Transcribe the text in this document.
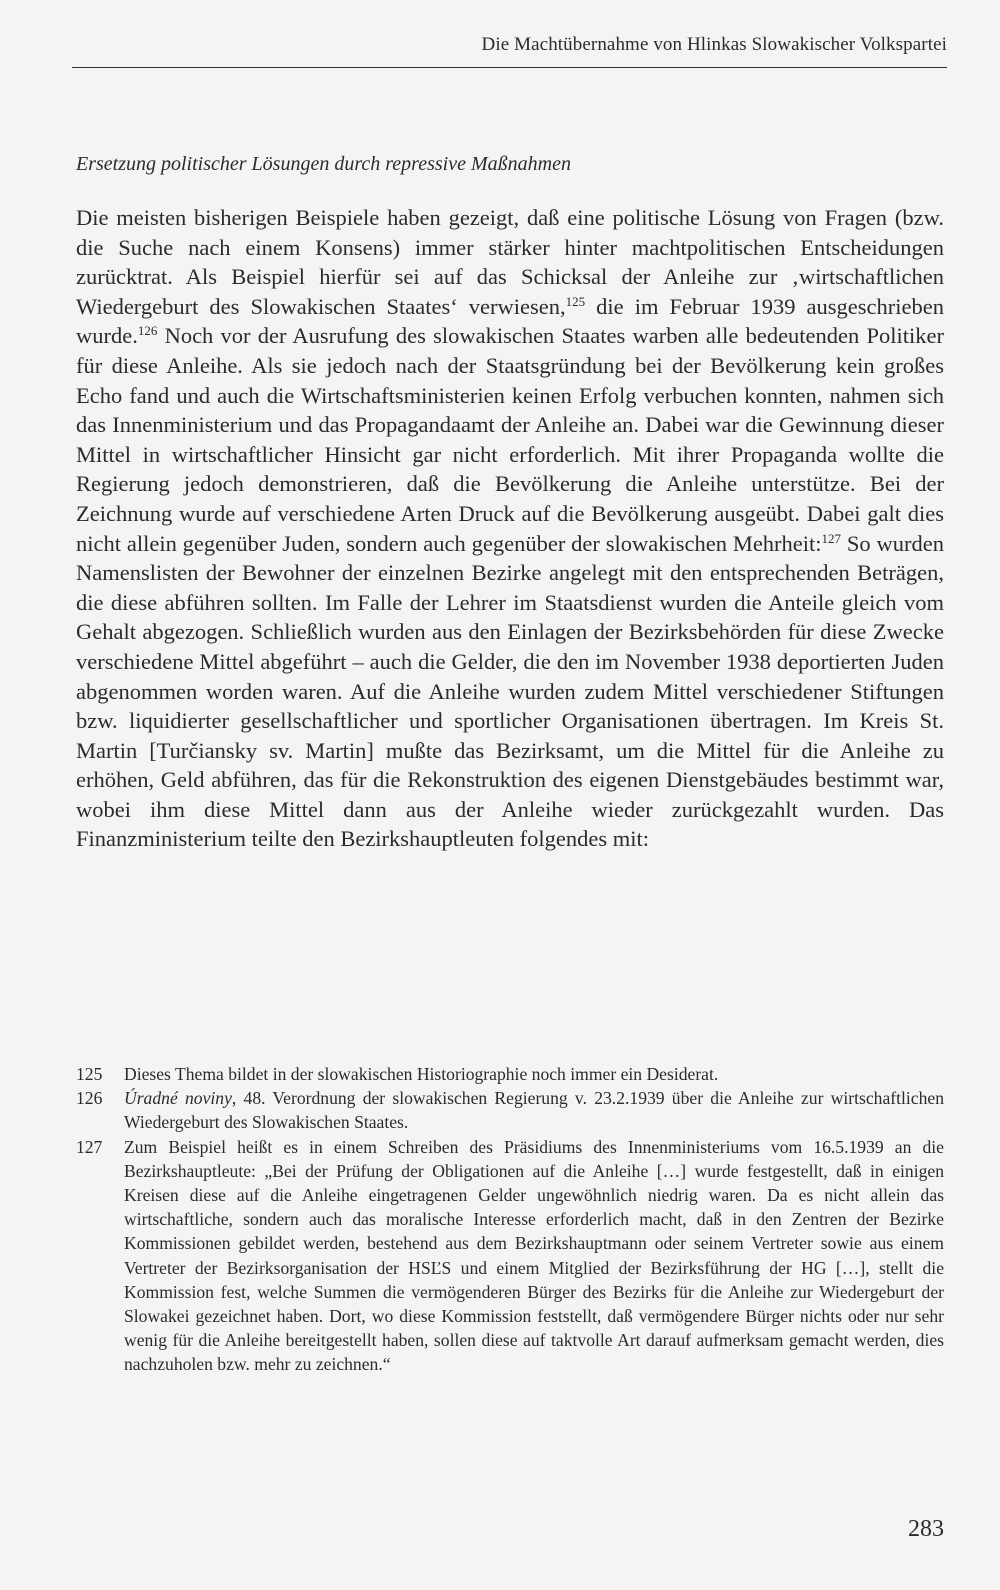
Die Machtübernahme von Hlinkas Slowakischer Volkspartei
Ersetzung politischer Lösungen durch repressive Maßnahmen
Die meisten bisherigen Beispiele haben gezeigt, daß eine politische Lösung von Fragen (bzw. die Suche nach einem Konsens) immer stärker hinter machtpolitischen Entscheidungen zurücktrat. Als Beispiel hierfür sei auf das Schicksal der Anleihe zur ‚wirtschaftlichen Wiedergeburt des Slowakischen Staates‘ verwiesen,$^{125}$ die im Februar 1939 ausgeschrieben wurde.$^{126}$ Noch vor der Ausrufung des slowakischen Staates warben alle bedeutenden Politiker für diese Anleihe. Als sie jedoch nach der Staatsgründung bei der Bevölkerung kein großes Echo fand und auch die Wirtschaftsministerien keinen Erfolg verbuchen konnten, nahmen sich das Innenministerium und das Propagandaamt der Anleihe an. Dabei war die Gewinnung dieser Mittel in wirtschaftlicher Hinsicht gar nicht erforderlich. Mit ihrer Propaganda wollte die Regierung jedoch demonstrieren, daß die Bevölkerung die Anleihe unterstütze. Bei der Zeichnung wurde auf verschiedene Arten Druck auf die Bevölkerung ausgeübt. Dabei galt dies nicht allein gegenüber Juden, sondern auch gegenüber der slowakischen Mehrheit:$^{127}$ So wurden Namenslisten der Bewohner der einzelnen Bezirke angelegt mit den entsprechenden Beträgen, die diese abführen sollten. Im Falle der Lehrer im Staatsdienst wurden die Anteile gleich vom Gehalt abgezogen. Schließlich wurden aus den Einlagen der Bezirksbehörden für diese Zwecke verschiedene Mittel abgeführt – auch die Gelder, die den im November 1938 deportierten Juden abgenommen worden waren. Auf die Anleihe wurden zudem Mittel verschiedener Stiftungen bzw. liquidierter gesellschaftlicher und sportlicher Organisationen übertragen. Im Kreis St. Martin [Turčiansky sv. Martin] mußte das Bezirksamt, um die Mittel für die Anleihe zu erhöhen, Geld abführen, das für die Rekonstruktion des eigenen Dienstgebäudes bestimmt war, wobei ihm diese Mittel dann aus der Anleihe wieder zurückgezahlt wurden. Das Finanzministerium teilte den Bezirkshauptleuten folgendes mit:
125	Dieses Thema bildet in der slowakischen Historiographie noch immer ein Desiderat.
126	Úradné noviny, 48. Verordnung der slowakischen Regierung v. 23.2.1939 über die Anleihe zur wirtschaftlichen Wiedergeburt des Slowakischen Staates.
127	Zum Beispiel heißt es in einem Schreiben des Präsidiums des Innenministeriums vom 16.5.1939 an die Bezirkshauptleute: „Bei der Prüfung der Obligationen auf die Anleihe […] wurde festgestellt, daß in einigen Kreisen diese auf die Anleihe eingetragenen Gelder ungewöhnlich niedrig waren. Da es nicht allein das wirtschaftliche, sondern auch das moralische Interesse erforderlich macht, daß in den Zentren der Bezirke Kommissionen gebildet werden, bestehend aus dem Bezirkshauptmann oder seinem Vertreter sowie aus einem Vertreter der Bezirksorganisation der HSĽS und einem Mitglied der Bezirksführung der HG […], stellt die Kommission fest, welche Summen die vermögenderen Bürger des Bezirks für die Anleihe zur Wiedergeburt der Slowakei gezeichnet haben. Dort, wo diese Kommission feststellt, daß vermögendere Bürger nichts oder nur sehr wenig für die Anleihe bereitgestellt haben, sollen diese auf taktvolle Art darauf aufmerksam gemacht werden, dies nachzuholen bzw. mehr zu zeichnen.“
283
